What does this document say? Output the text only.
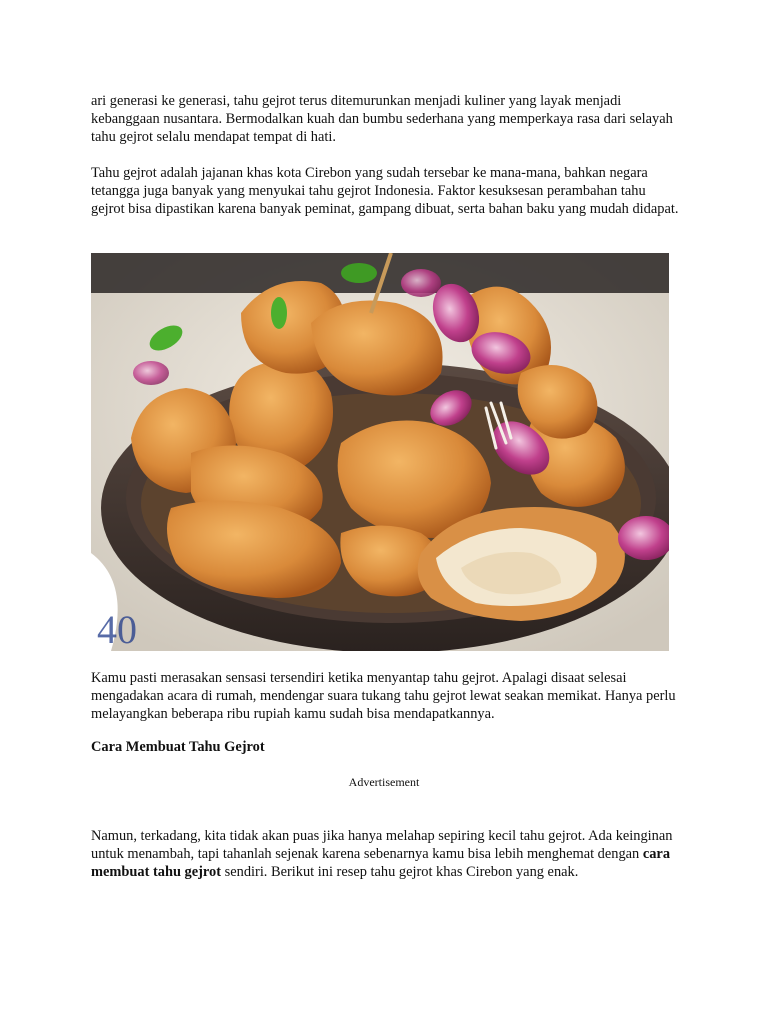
ari generasi ke generasi, tahu gejrot terus ditemurunkan menjadi kuliner yang layak menjadi kebanggaan nusantara. Bermodalkan kuah dan bumbu sederhana yang memperkaya rasa dari selayah tahu gejrot selalu mendapat tempat di hati.

Tahu gejrot adalah jajanan khas kota Cirebon yang sudah tersebar ke mana-mana, bahkan negara tetangga juga banyak yang menyukai tahu gejrot Indonesia. Faktor kesuksesan perambahan tahu gejrot bisa dipastikan karena banyak peminat, gampang dibuat, serta bahan baku yang mudah didapat.

40

Kamu pasti merasakan sensasi tersendiri ketika menyantap tahu gejrot. Apalagi disaat selesai mengadakan acara di rumah, mendengar suara tukang tahu gejrot lewat seakan memikat. Hanya perlu melayangkan beberapa ribu rupiah kamu sudah bisa mendapatkannya.

Cara Membuat Tahu Gejrot
Advertisement

Namun, terkadang, kita tidak akan puas jika hanya melahap sepiring kecil tahu gejrot. Ada keinginan untuk menambah, tapi tahanlah sejenak karena sebenarnya kamu bisa lebih menghemat dengan cara membuat tahu gejrot sendiri. Berikut ini resep tahu gejrot khas Cirebon yang enak.
